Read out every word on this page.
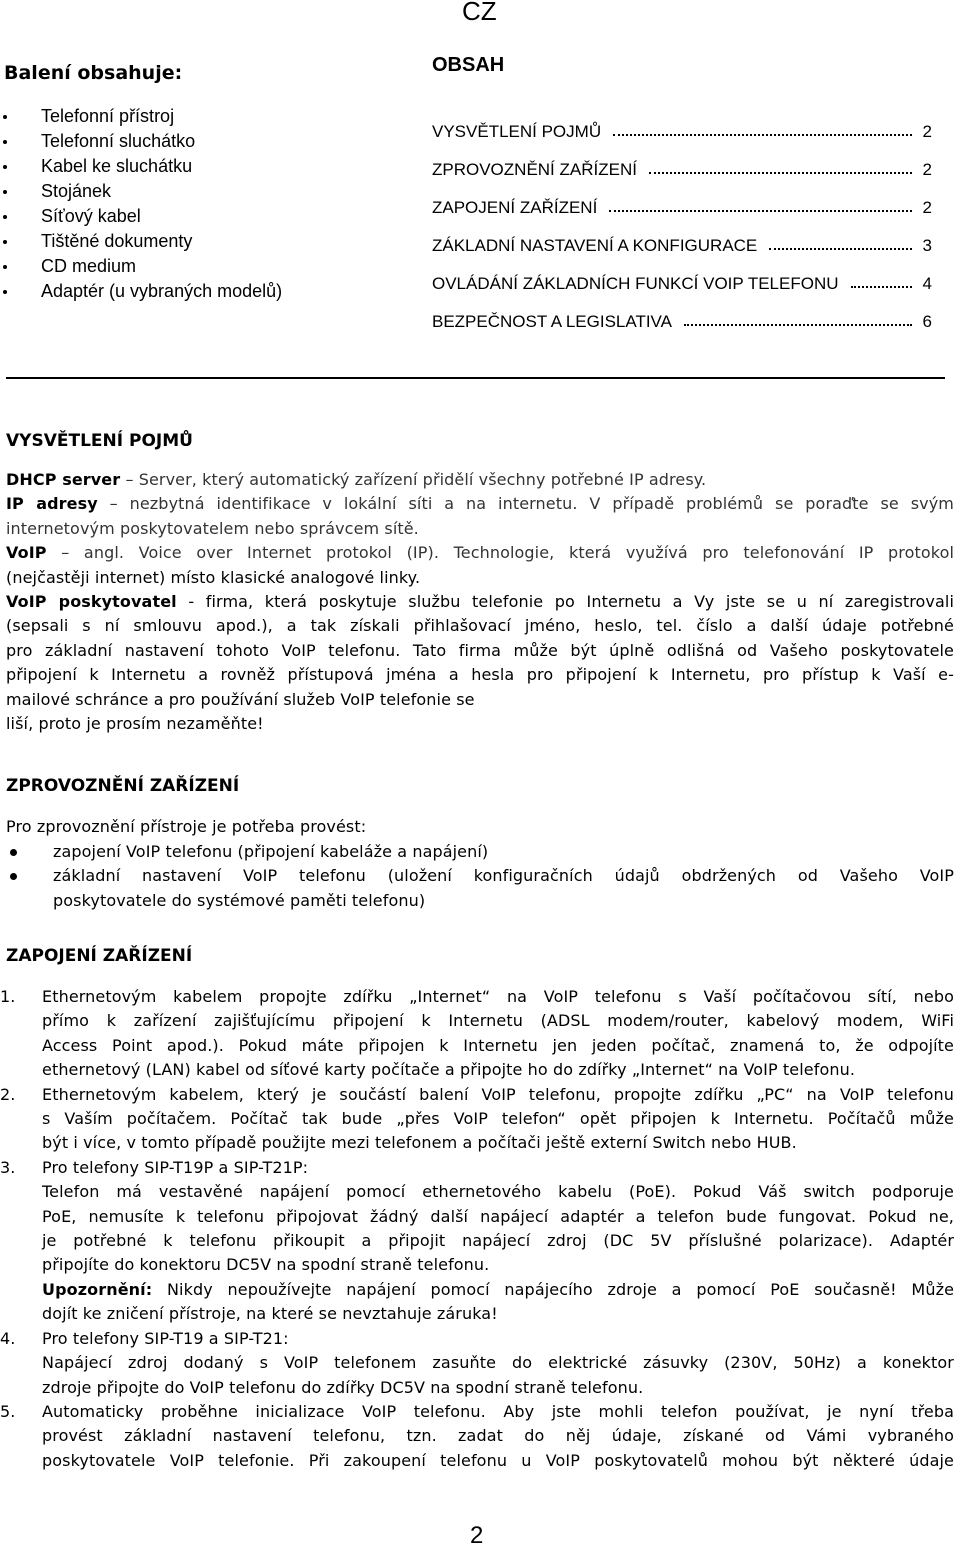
CZ
Balení obsahuje:
Telefonní přístroj
Telefonní sluchátko
Kabel ke sluchátku
Stojánek
Síťový kabel
Tištěné dokumenty
CD medium
Adaptér (u vybraných modelů)
OBSAH
VYSVĚTLENÍ POJMŮ	2
ZPROVOZNĚNÍ ZAŘÍZENÍ	2
ZAPOJENÍ ZAŘÍZENÍ	2
ZÁKLADNÍ NASTAVENÍ A KONFIGURACE	3
OVLÁDÁNÍ ZÁKLADNÍCH FUNKCÍ VOIP TELEFONU	4
BEZPEČNOST A LEGISLATIVA	6
VYSVĚTLENÍ POJMŮ
DHCP server – Server, který automatický zařízení přidělí všechny potřebné IP adresy.
IP adresy – nezbytná identifikace v lokální síti a na internetu. V případě problémů se poraďte se svým
internetovým poskytovatelem nebo správcem sítě.
VoIP – angl. Voice over Internet protokol (IP). Technologie, která využívá pro telefonování IP protokol
(nejčastěji internet) místo klasické analogové linky.
VoIP poskytovatel - firma, která poskytuje službu telefonie po Internetu a Vy jste se u ní zaregistrovali
(sepsali s ní smlouvu apod.), a tak získali přihlašovací jméno, heslo, tel. číslo a další údaje potřebné
pro základní nastavení tohoto VoIP telefonu. Tato firma může být úplně odlišná od Vašeho poskytovatele
připojení k Internetu a rovněž přístupová jména a hesla pro připojení k Internetu, pro přístup k Vaší e-
mailové schránce a pro používání služeb VoIP telefonie se
liší, proto je prosím nezaměňte!
ZPROVOZNĚNÍ ZAŘÍZENÍ
Pro zprovoznění přístroje je potřeba provést:
zapojení VoIP telefonu (připojení kabeláže a napájení)
základní nastavení VoIP telefonu (uložení konfiguračních údajů obdržených od Vašeho VoIP
poskytovatele do systémové paměti telefonu)
ZAPOJENÍ ZAŘÍZENÍ
1. Ethernetovým kabelem propojte zdířku „Internet“ na VoIP telefonu s Vaší počítačovou sítí, nebo
přímo k zařízení zajišťujícímu připojení k Internetu (ADSL modem/router, kabelový modem, WiFi
Access Point apod.). Pokud máte připojen k Internetu jen jeden počítač, znamená to, že odpojíte
ethernetový (LAN) kabel od síťové karty počítače a připojte ho do zdířky „Internet“ na VoIP telefonu.
2. Ethernetovým kabelem, který je součástí balení VoIP telefonu, propojte zdířku „PC“ na VoIP telefonu
s Vaším počítačem. Počítač tak bude „přes VoIP telefon“ opět připojen k Internetu. Počítačů může
být i více, v tomto případě použijte mezi telefonem a počítači ještě externí Switch nebo HUB.
3. Pro telefony SIP-T19P a SIP-T21P:
Telefon má vestavěné napájení pomocí ethernetového kabelu (PoE). Pokud Váš switch podporuje
PoE, nemusíte k telefonu připojovat žádný další napájecí adaptér a telefon bude fungovat. Pokud ne,
je potřebné k telefonu přikoupit a připojit napájecí zdroj (DC 5V příslušné polarizace). Adaptér
připojíte do konektoru DC5V na spodní straně telefonu.
Upozornění: Nikdy nepoužívejte napájení pomocí napájecího zdroje a pomocí PoE současně! Může
dojít ke zničení přístroje, na které se nevztahuje záruka!
4. Pro telefony SIP-T19 a SIP-T21:
Napájecí zdroj dodaný s VoIP telefonem zasuňte do elektrické zásuvky (230V, 50Hz) a konektor
zdroje připojte do VoIP telefonu do zdířky DC5V na spodní straně telefonu.
5. Automaticky proběhne inicializace VoIP telefonu. Aby jste mohli telefon používat, je nyní třeba
provést základní nastavení telefonu, tzn. zadat do něj údaje, získané od Vámi vybraného
poskytovatele VoIP telefonie. Při zakoupení telefonu u VoIP poskytovatelů mohou být některé údaje
2
